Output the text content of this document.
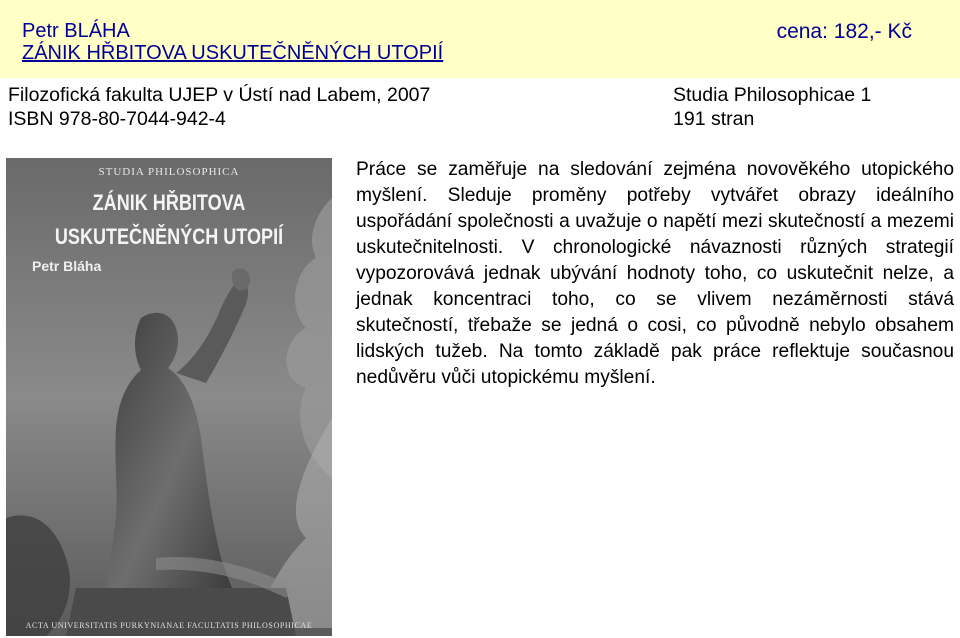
Petr BLÁHA
ZÁNIK HŘBITOVA USKUTEČNĚNÝCH UTOPIÍ
cena: 182,- Kč
Filozofická fakulta UJEP v Ústí nad Labem, 2007
ISBN 978-80-7044-942-4
Studia Philosophicae 1
191 stran
STUDIA PHILOSOPHICA
ZÁNIK HŘBITOVA
USKUTEČNĚNÝCH UTOPIÍ
Petr Bláha
ACTA UNIVERSITATIS PURKYNIANAE FACULTATIS PHILOSOPHICAE
Práce se zaměřuje na sledování zejména novověkého utopického myšlení. Sleduje proměny potřeby vytvářet obrazy ideálního uspořádání společnosti a uvažuje o napětí mezi skutečností a mezemi uskutečnitelnosti. V chronologické návaznosti různých strategií vypozorovává jednak ubývání hodnoty toho, co uskutečnit nelze, a jednak koncentraci toho, co se vlivem nezáměrnosti stává skutečností, třebaže se jedná o cosi, co původně nebylo obsahem lidských tužeb. Na tomto základě pak práce reflektuje současnou nedůvěru vůči utopickému myšlení.
